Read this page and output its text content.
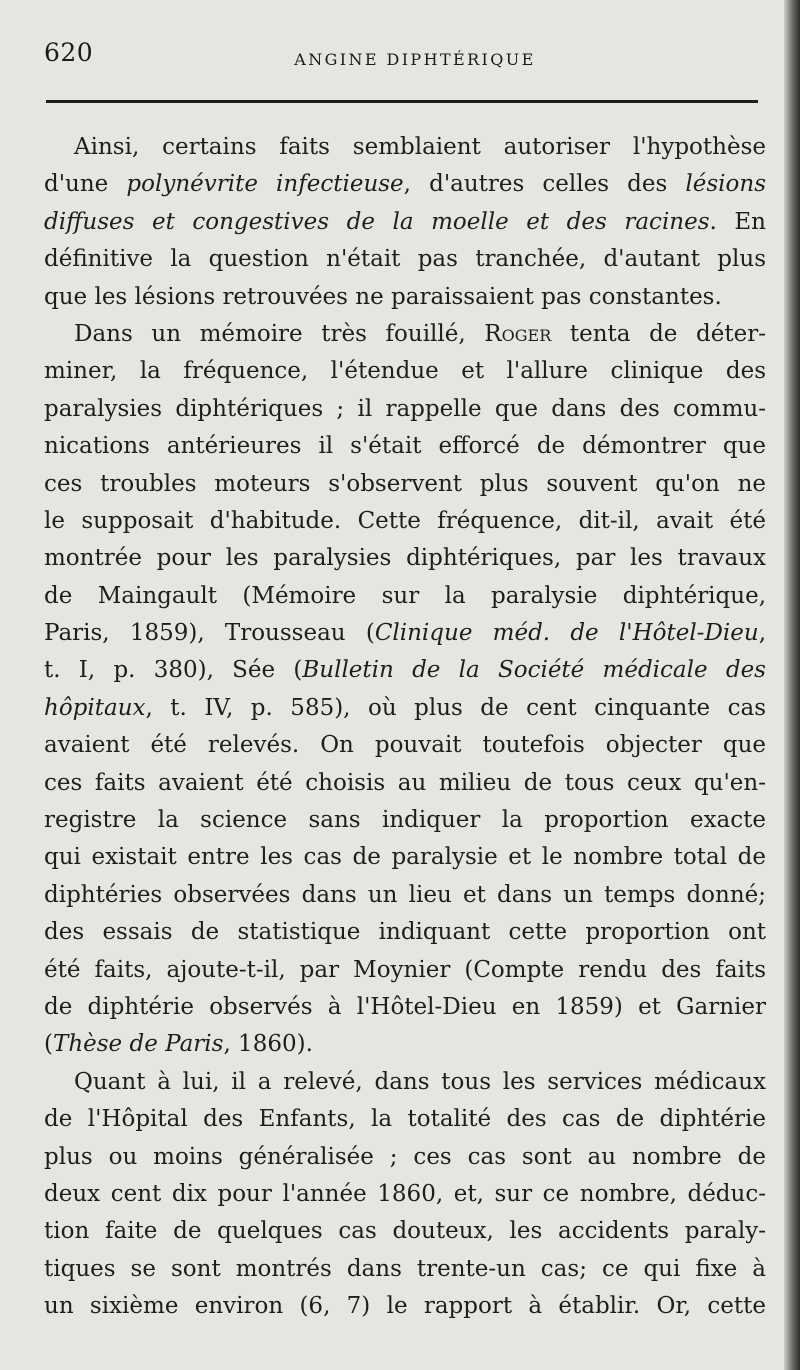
620	ANGINE DIPHTÉRIQUE
Ainsi, certains faits semblaient autoriser l'hypothèse
d'une polynévrite infectieuse, d'autres celles des lésions
diffuses et congestives de la moelle et des racines. En
définitive la question n'était pas tranchée, d'autant plus
que les lésions retrouvées ne paraissaient pas constantes.
Dans un mémoire très fouillé, Roger tenta de déter-
miner, la fréquence, l'étendue et l'allure clinique des
paralysies diphtériques ; il rappelle que dans des commu-
nications antérieures il s'était efforcé de démontrer que
ces troubles moteurs s'observent plus souvent qu'on ne
le supposait d'habitude. Cette fréquence, dit-il, avait été
montrée pour les paralysies diphtériques, par les travaux
de Maingault (Mémoire sur la paralysie diphtérique,
Paris, 1859), Trousseau (Clinique méd. de l'Hôtel-Dieu,
t. I, p. 380), Sée (Bulletin de la Société médicale des
hôpitaux, t. IV, p. 585), où plus de cent cinquante cas
avaient été relevés. On pouvait toutefois objecter que
ces faits avaient été choisis au milieu de tous ceux qu'en-
registre la science sans indiquer la proportion exacte
qui existait entre les cas de paralysie et le nombre total de
diphtéries observées dans un lieu et dans un temps donné;
des essais de statistique indiquant cette proportion ont
été faits, ajoute-t-il, par Moynier (Compte rendu des faits
de diphtérie observés à l'Hôtel-Dieu en 1859) et Garnier
(Thèse de Paris, 1860).
Quant à lui, il a relevé, dans tous les services médicaux
de l'Hôpital des Enfants, la totalité des cas de diphtérie
plus ou moins généralisée ; ces cas sont au nombre de
deux cent dix pour l'année 1860, et, sur ce nombre, déduc-
tion faite de quelques cas douteux, les accidents paraly-
tiques se sont montrés dans trente-un cas; ce qui fixe à
un sixième environ (6, 7) le rapport à établir. Or, cette
